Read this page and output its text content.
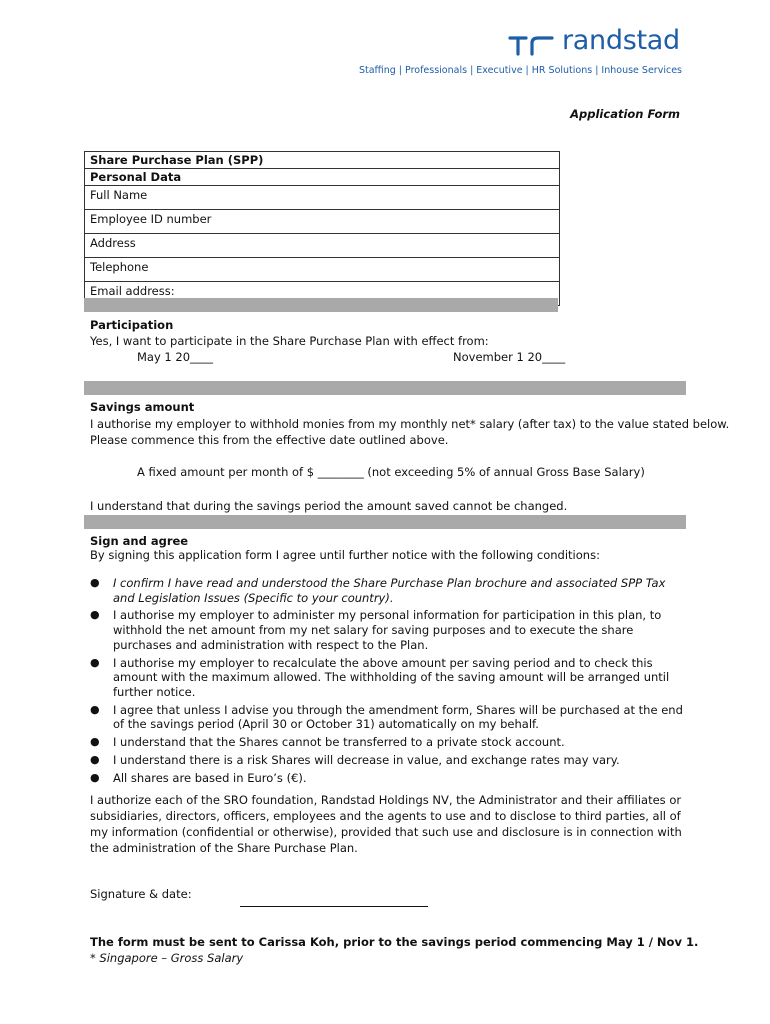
randstad
Staffing | Professionals | Executive | HR Solutions | Inhouse Services
Application Form
Share Purchase Plan (SPP)
Personal Data
Full Name
Employee ID number
Address
Telephone
Email address:
Participation
Yes, I want to participate in the Share Purchase Plan with effect from:
May 1 20____	November 1 20____
Savings amount
I authorise my employer to withhold monies from my monthly net* salary (after tax) to the value stated below.
Please commence this from the effective date outlined above.
A fixed amount per month of $ ________ (not exceeding 5% of annual Gross Base Salary)
I understand that during the savings period the amount saved cannot be changed.
Sign and agree
By signing this application form I agree until further notice with the following conditions:
● I confirm I have read and understood the Share Purchase Plan brochure and associated SPP Tax and Legislation Issues (Specific to your country).
● I authorise my employer to administer my personal information for participation in this plan, to withhold the net amount from my net salary for saving purposes and to execute the share purchases and administration with respect to the Plan.
● I authorise my employer to recalculate the above amount per saving period and to check this amount with the maximum allowed. The withholding of the saving amount will be arranged until further notice.
● I agree that unless I advise you through the amendment form, Shares will be purchased at the end of the savings period (April 30 or October 31) automatically on my behalf.
● I understand that the Shares cannot be transferred to a private stock account.
● I understand there is a risk Shares will decrease in value, and exchange rates may vary.
● All shares are based in Euro’s (€).
I authorize each of the SRO foundation, Randstad Holdings NV, the Administrator and their affiliates or subsidiaries, directors, officers, employees and the agents to use and to disclose to third parties, all of my information (confidential or otherwise), provided that such use and disclosure is in connection with the administration of the Share Purchase Plan.
Signature & date:
The form must be sent to Carissa Koh, prior to the savings period commencing May 1 / Nov 1.
* Singapore – Gross Salary
